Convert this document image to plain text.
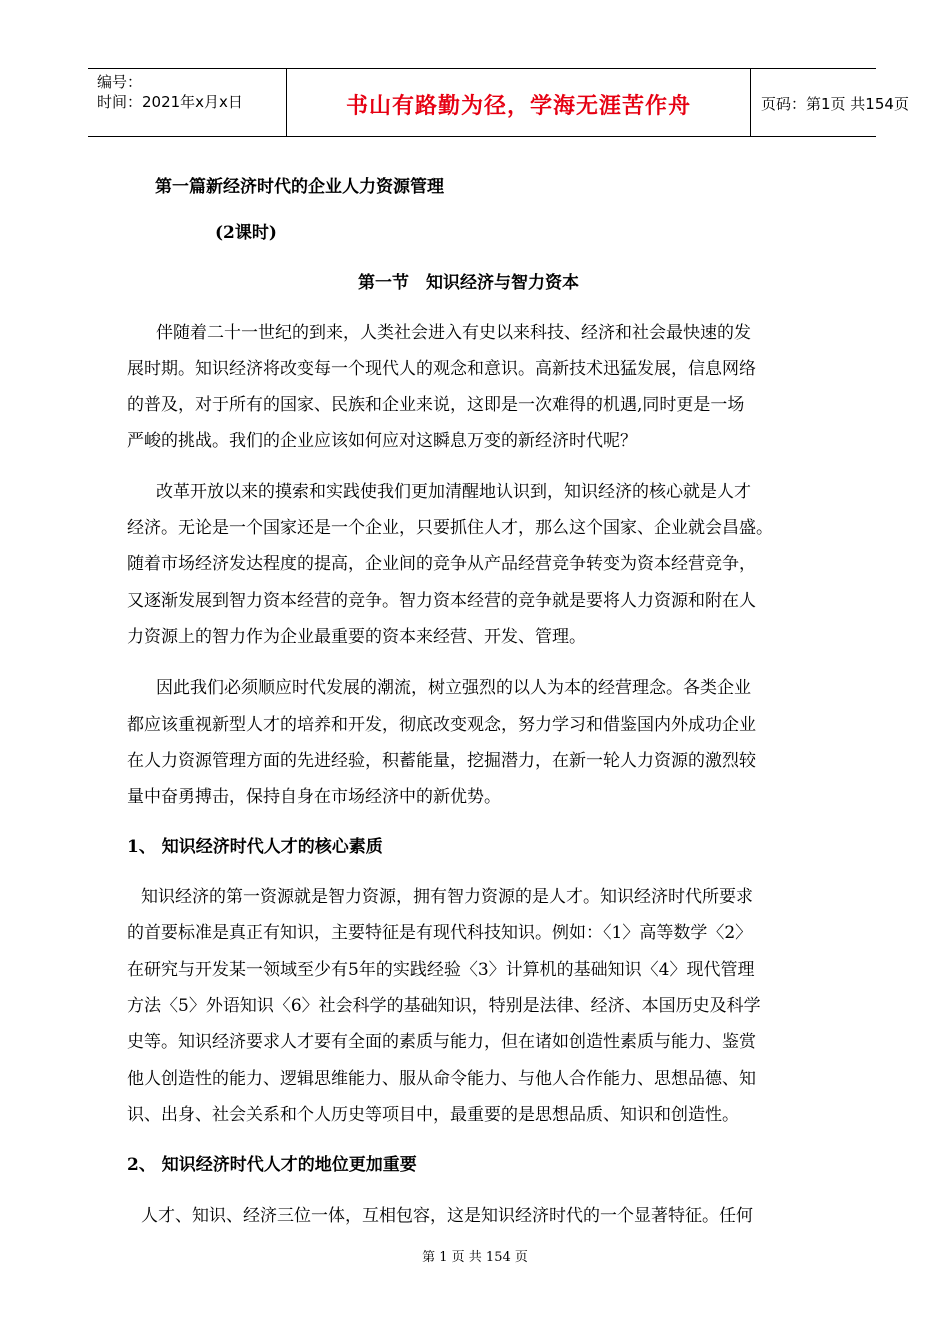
编号：
时间：2021年x月x日	书山有路勤为径，学海无涯苦作舟	页码：第1页 共154页
第一篇新经济时代的企业人力资源管理
(2课时)
第一节　知识经济与智力资本
伴随着二十一世纪的到来，人类社会进入有史以来科技、经济和社会最快速的发
展时期。知识经济将改变每一个现代人的观念和意识。高新技术迅猛发展，信息网络
的普及，对于所有的国家、民族和企业来说，这即是一次难得的机遇,同时更是一场
严峻的挑战。我们的企业应该如何应对这瞬息万变的新经济时代呢？
改革开放以来的摸索和实践使我们更加清醒地认识到，知识经济的核心就是人才
经济。无论是一个国家还是一个企业，只要抓住人才，那么这个国家、企业就会昌盛。
随着市场经济发达程度的提高，企业间的竞争从产品经营竞争转变为资本经营竞争，
又逐渐发展到智力资本经营的竞争。智力资本经营的竞争就是要将人力资源和附在人
力资源上的智力作为企业最重要的资本来经营、开发、管理。
因此我们必须顺应时代发展的潮流，树立强烈的以人为本的经营理念。各类企业
都应该重视新型人才的培养和开发，彻底改变观念，努力学习和借鉴国内外成功企业
在人力资源管理方面的先进经验，积蓄能量，挖掘潜力，在新一轮人力资源的激烈较
量中奋勇搏击，保持自身在市场经济中的新优势。
1、 知识经济时代人才的核心素质
知识经济的第一资源就是智力资源，拥有智力资源的是人才。知识经济时代所要求
的首要标准是真正有知识，主要特征是有现代科技知识。例如：〈1〉高等数学〈2〉
在研究与开发某一领域至少有5年的实践经验〈3〉计算机的基础知识〈4〉现代管理
方法〈5〉外语知识〈6〉社会科学的基础知识，特别是法律、经济、本国历史及科学
史等。知识经济要求人才要有全面的素质与能力，但在诸如创造性素质与能力、鉴赏
他人创造性的能力、逻辑思维能力、服从命令能力、与他人合作能力、思想品德、知
识、出身、社会关系和个人历史等项目中，最重要的是思想品质、知识和创造性。
2、 知识经济时代人才的地位更加重要
人才、知识、经济三位一体，互相包容，这是知识经济时代的一个显著特征。任何
第 1 页 共 154 页
